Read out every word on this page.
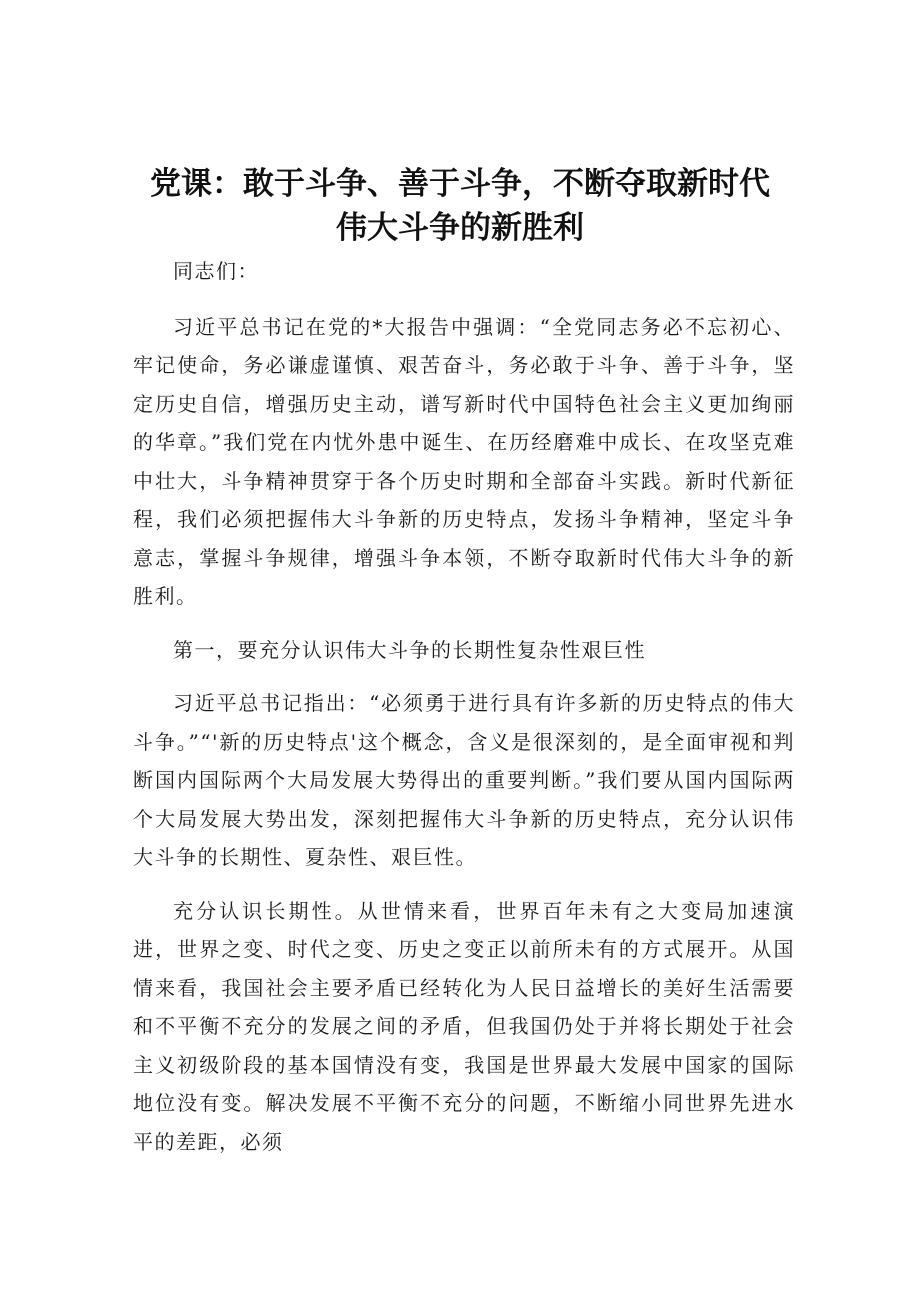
党课：敢于斗争、善于斗争，不断夺取新时代
伟大斗争的新胜利

同志们：

习近平总书记在党的*大报告中强调：“全党同志务必不忘初心、牢记使命，务必谦虚谨慎、艰苦奋斗，务必敢于斗争、善于斗争，坚定历史自信，增强历史主动，谱写新时代中国特色社会主义更加绚丽的华章。”我们党在内忧外患中诞生、在历经磨难中成长、在攻坚克难中壮大，斗争精神贯穿于各个历史时期和全部奋斗实践。新时代新征程，我们必须把握伟大斗争新的历史特点，发扬斗争精神，坚定斗争意志，掌握斗争规律，增强斗争本领，不断夺取新时代伟大斗争的新胜利。

第一，要充分认识伟大斗争的长期性复杂性艰巨性

习近平总书记指出：“必须勇于进行具有许多新的历史特点的伟大斗争。”“'新的历史特点'这个概念，含义是很深刻的，是全面审视和判断国内国际两个大局发展大势得出的重要判断。”我们要从国内国际两个大局发展大势出发，深刻把握伟大斗争新的历史特点，充分认识伟大斗争的长期性、夏杂性、艰巨性。

充分认识长期性。从世情来看，世界百年未有之大变局加速演进，世界之变、时代之变、历史之变正以前所未有的方式展开。从国情来看，我国社会主要矛盾已经转化为人民日益增长的美好生活需要和不平衡不充分的发展之间的矛盾，但我国仍处于并将长期处于社会主义初级阶段的基本国情没有变，我国是世界最大发展中国家的国际地位没有变。解决发展不平衡不充分的问题，不断缩小同世界先进水平的差距，必须
